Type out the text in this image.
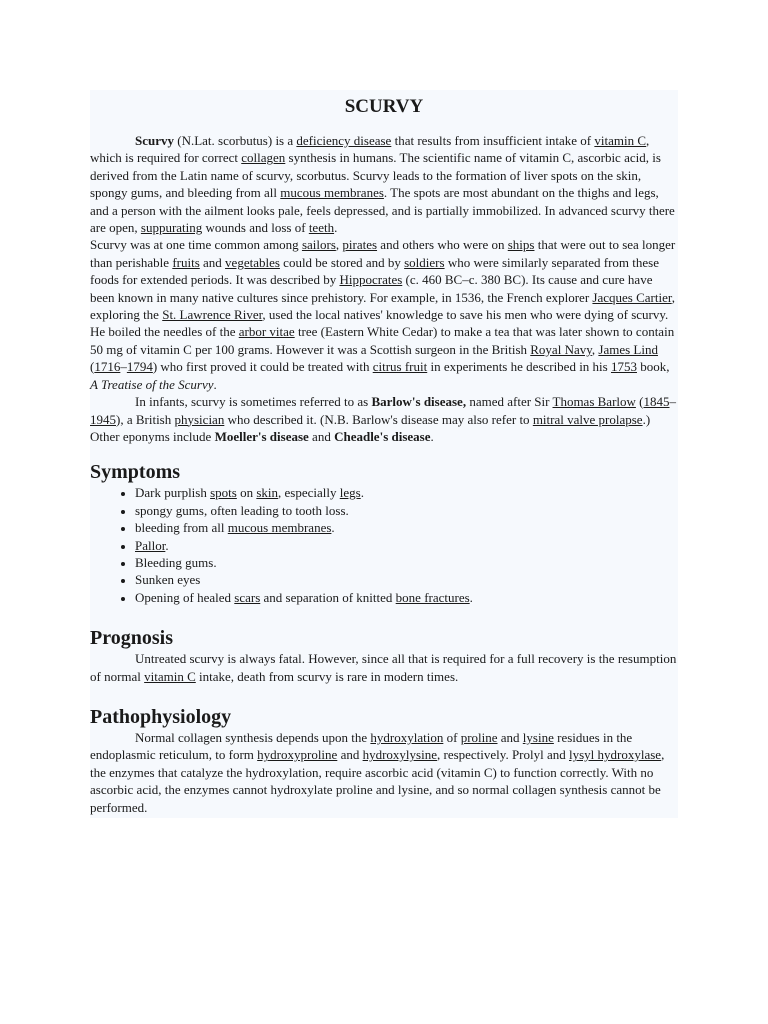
SCURVY

Scurvy (N.Lat. scorbutus) is a deficiency disease that results from insufficient intake of vitamin C, which is required for correct collagen synthesis in humans. The scientific name of vitamin C, ascorbic acid, is derived from the Latin name of scurvy, scorbutus. Scurvy leads to the formation of liver spots on the skin, spongy gums, and bleeding from all mucous membranes. The spots are most abundant on the thighs and legs, and a person with the ailment looks pale, feels depressed, and is partially immobilized. In advanced scurvy there are open, suppurating wounds and loss of teeth.

Scurvy was at one time common among sailors, pirates and others who were on ships that were out to sea longer than perishable fruits and vegetables could be stored and by soldiers who were similarly separated from these foods for extended periods. It was described by Hippocrates (c. 460 BC–c. 380 BC). Its cause and cure have been known in many native cultures since prehistory. For example, in 1536, the French explorer Jacques Cartier, exploring the St. Lawrence River, used the local natives' knowledge to save his men who were dying of scurvy. He boiled the needles of the arbor vitae tree (Eastern White Cedar) to make a tea that was later shown to contain 50 mg of vitamin C per 100 grams. However it was a Scottish surgeon in the British Royal Navy, James Lind (1716–1794) who first proved it could be treated with citrus fruit in experiments he described in his 1753 book, A Treatise of the Scurvy.

In infants, scurvy is sometimes referred to as Barlow's disease, named after Sir Thomas Barlow (1845–1945), a British physician who described it. (N.B. Barlow's disease may also refer to mitral valve prolapse.) Other eponyms include Moeller's disease and Cheadle's disease.

Symptoms
• Dark purplish spots on skin, especially legs.
• spongy gums, often leading to tooth loss.
• bleeding from all mucous membranes.
• Pallor.
• Bleeding gums.
• Sunken eyes
• Opening of healed scars and separation of knitted bone fractures.
Prognosis

Untreated scurvy is always fatal. However, since all that is required for a full recovery is the resumption of normal vitamin C intake, death from scurvy is rare in modern times.

Pathophysiology

Normal collagen synthesis depends upon the hydroxylation of proline and lysine residues in the endoplasmic reticulum, to form hydroxyproline and hydroxylysine, respectively. Prolyl and lysyl hydroxylase, the enzymes that catalyze the hydroxylation, require ascorbic acid (vitamin C) to function correctly. With no ascorbic acid, the enzymes cannot hydroxylate proline and lysine, and so normal collagen synthesis cannot be performed.
